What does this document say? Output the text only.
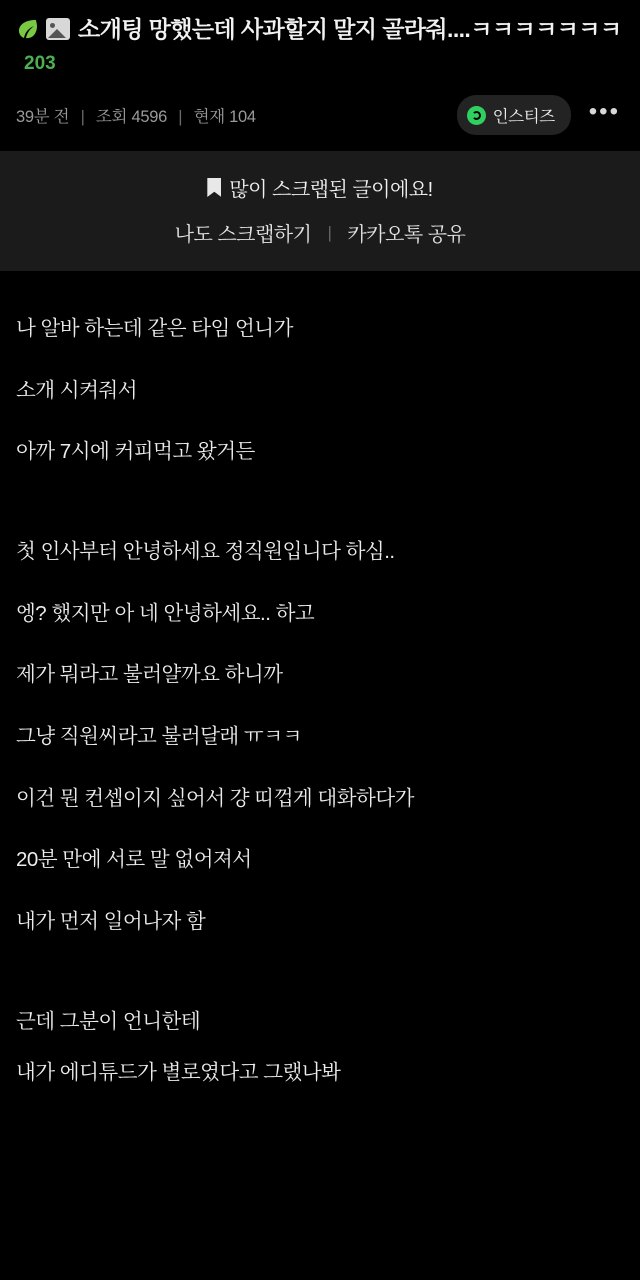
소개팅 망했는데 사과할지 말지 골라줘....ㅋㅋㅋㅋㅋㅋㅋ
203
39분 전 | 조회 4596 | 현재 104	인스티즈 •••
많이 스크랩된 글이에요!
나도 스크랩하기 | 카카오톡 공유

나 알바 하는데 같은 타임 언니가

소개 시켜줘서

아까 7시에 커피먹고 왔거든

첫 인사부터 안녕하세요 정직원입니다 하심..

엥? 했지만 아 네 안녕하세요.. 하고

제가 뭐라고 불러얄까요 하니까

그냥 직원씨라고 불러달래 ㅠㅋㅋ

이건 뭔 컨셉이지 싶어서 걍 띠껍게 대화하다가

20분 만에 서로 말 없어져서

내가 먼저 일어나자 함

근데 그분이 언니한테

내가 에디튜드가 별로였다고 그랬나봐
